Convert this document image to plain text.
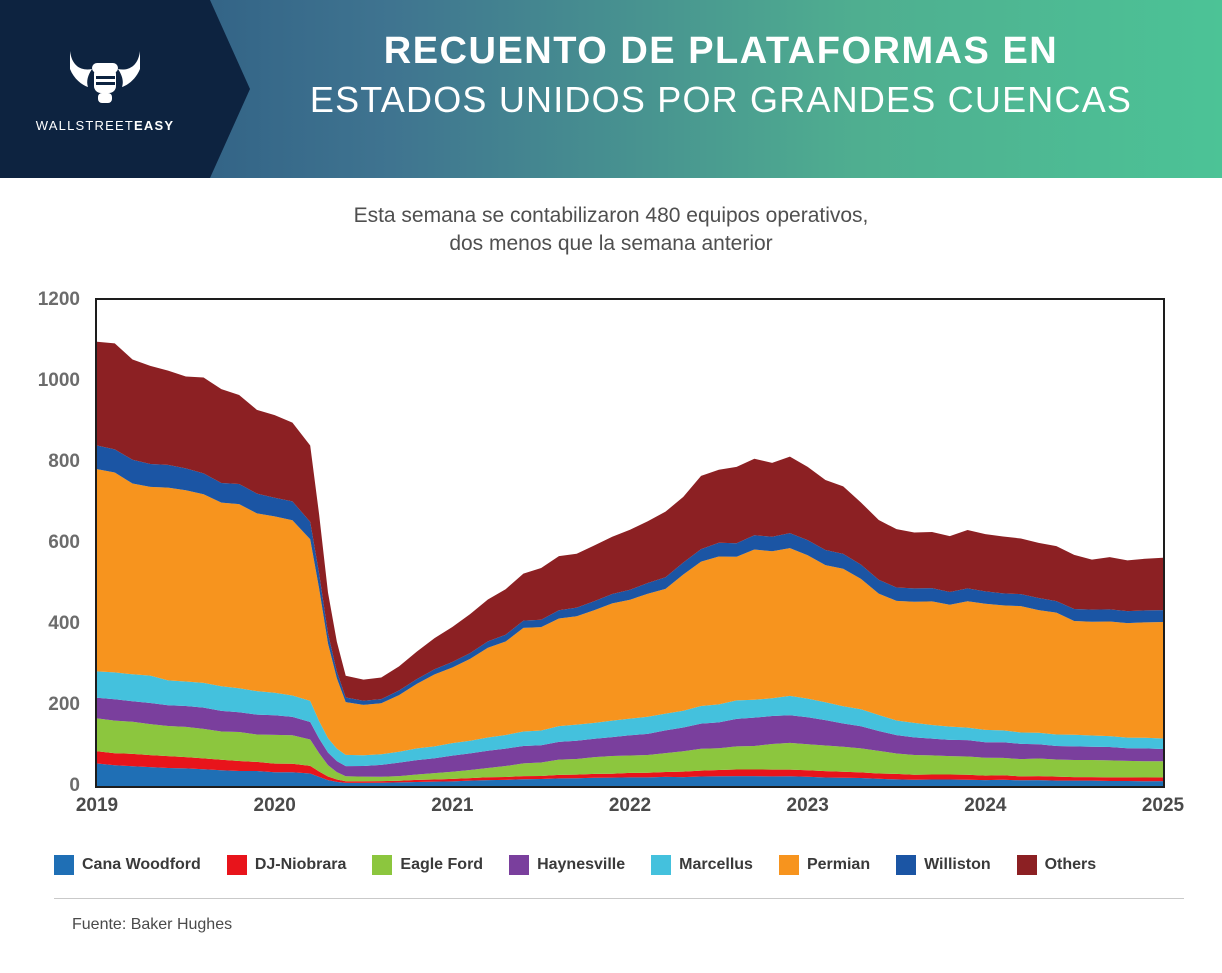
WALLSTREETEASY
RECUENTO DE PLATAFORMAS EN
ESTADOS UNIDOS POR GRANDES CUENCAS
Esta semana se contabilizaron 480 equipos operativos,
dos menos que la semana anterior
0
200
400
600
800
1000
1200
2019	2020	2021	2022	2023	2024	2025
Cana Woodford	DJ-Niobrara	Eagle Ford	Haynesville	Marcellus	Permian	Williston	Others
Fuente: Baker Hughes
